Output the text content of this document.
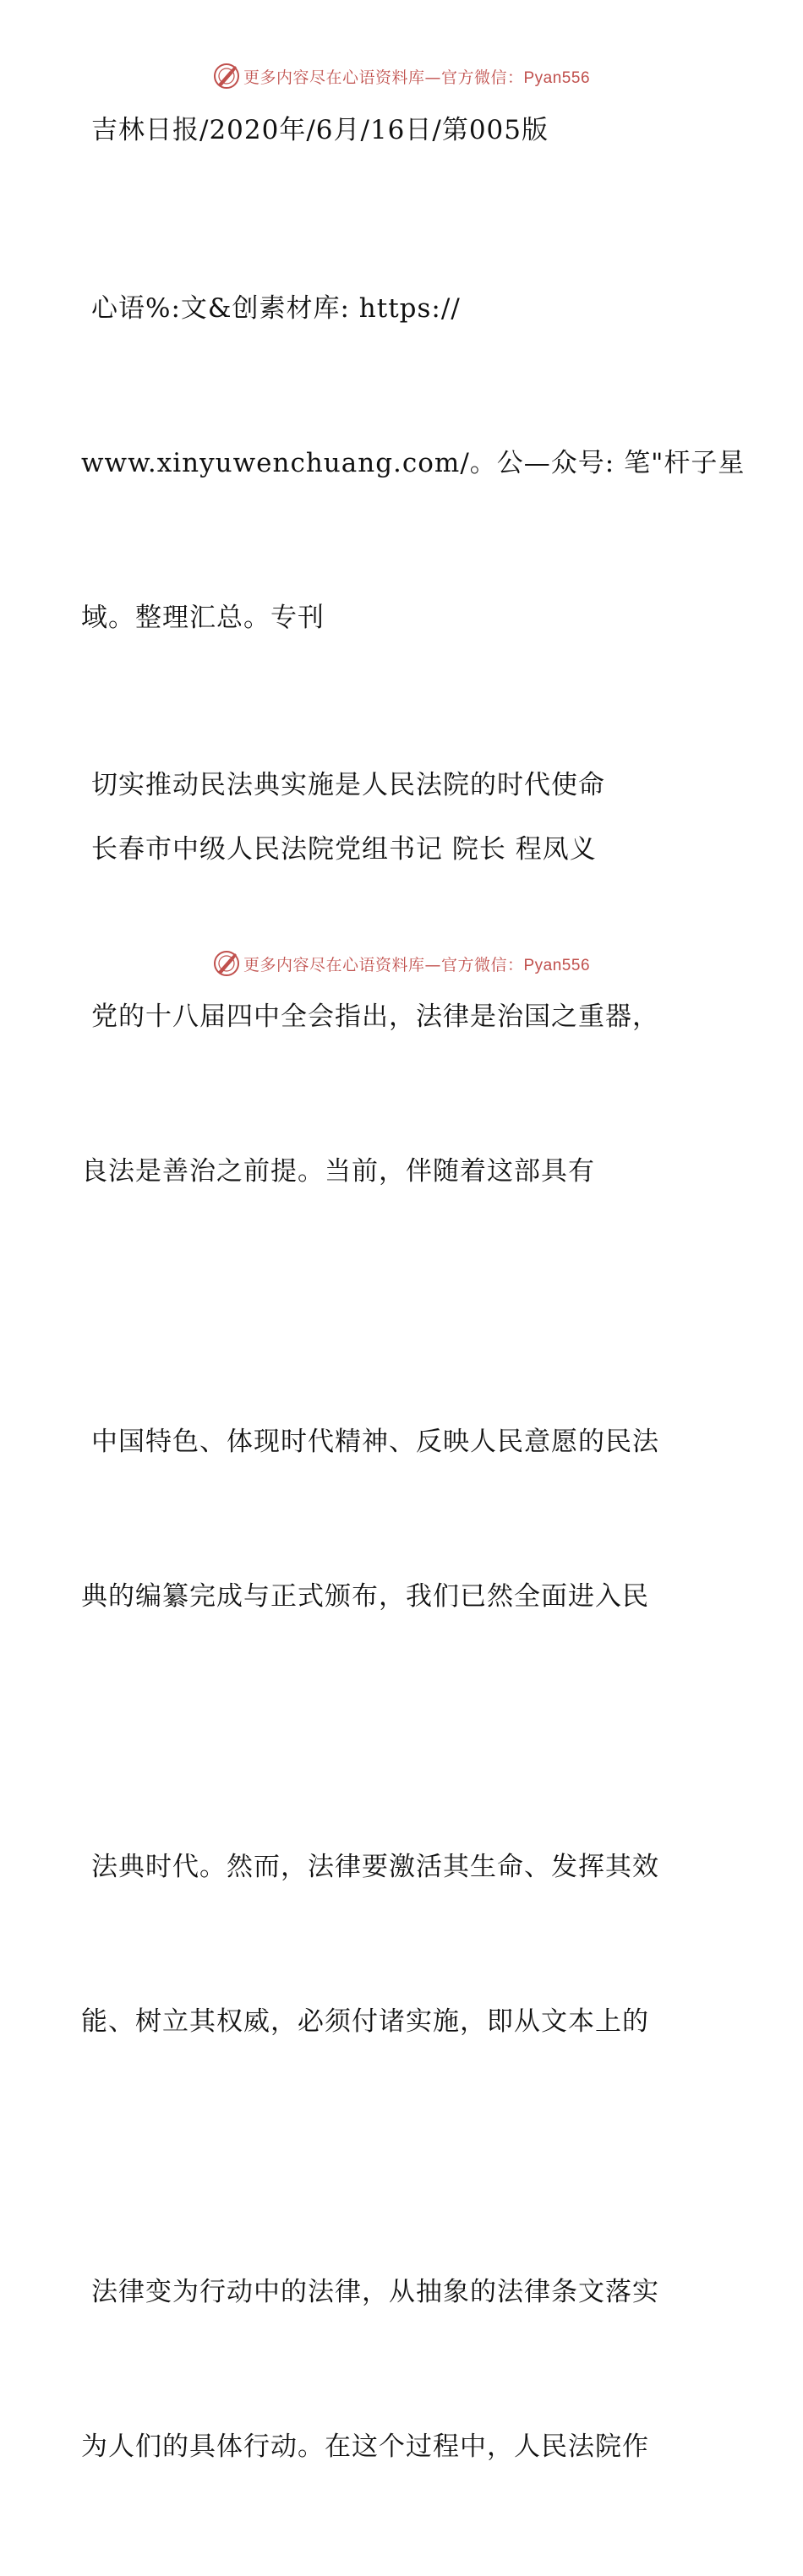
更多内容尽在心语资料库—官方微信：Pyan556

吉林日报/2020年/6月/16日/第005版

心语%:文&创素材库: https://

www.xinyuwenchuang.com/。公—众号: 笔"杆子星

域。整理汇总。专刊

切实推动民法典实施是人民法院的时代使命

长春市中级人民法院党组书记 院长 程凤义

党的十八届四中全会指出，法律是治国之重器，

良法是善治之前提。当前，伴随着这部具有

中国特色、体现时代精神、反映人民意愿的民法

典的编纂完成与正式颁布，我们已然全面进入民

法典时代。然而，法律要激活其生命、发挥其效

能、树立其权威，必须付诸实施，即从文本上的

法律变为行动中的法律，从抽象的法律条文落实

为人们的具体行动。在这个过程中，人民法院作

更多内容尽在心语资料库—官方微信：Pyan556
